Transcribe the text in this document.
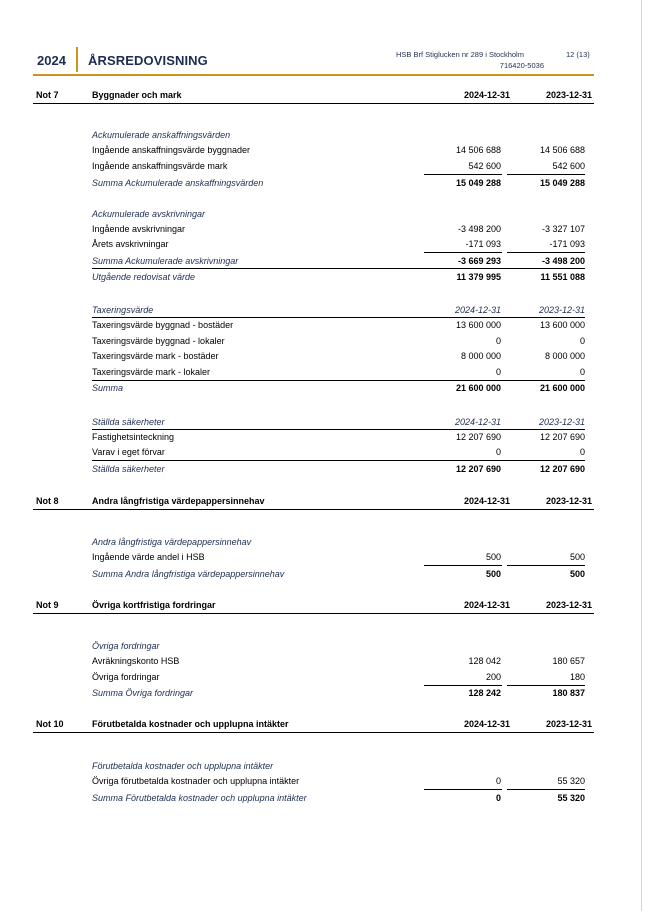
2024 ÅRSREDOVISNING	HSB Brf Stiglucken nr 289 i Stockholm	12 (13)
716420-5036
Not 7	Byggnader och mark	2024-12-31	2023-12-31
Ackumulerade anskaffningsvärden
Ingående anskaffningsvärde byggnader	14 506 688	14 506 688
Ingående anskaffningsvärde mark	542 600	542 600
Summa Ackumulerade anskaffningsvärden	15 049 288	15 049 288
Ackumulerade avskrivningar
Ingående avskrivningar	-3 498 200	-3 327 107
Årets avskrivningar	-171 093	-171 093
Summa Ackumulerade avskrivningar	-3 669 293	-3 498 200
Utgående redovisat värde	11 379 995	11 551 088
Taxeringsvärde	2024-12-31	2023-12-31
Taxeringsvärde byggnad - bostäder	13 600 000	13 600 000
Taxeringsvärde byggnad - lokaler	0	0
Taxeringsvärde mark - bostäder	8 000 000	8 000 000
Taxeringsvärde mark - lokaler	0	0
Summa	21 600 000	21 600 000
Ställda säkerheter	2024-12-31	2023-12-31
Fastighetsinteckning	12 207 690	12 207 690
Varav i eget förvar	0	0
Ställda säkerheter	12 207 690	12 207 690
Not 8	Andra långfristiga värdepappersinnehav	2024-12-31	2023-12-31
Andra långfristiga värdepappersinnehav
Ingående värde andel i HSB	500	500
Summa Andra långfristiga värdepappersinnehav	500	500
Not 9	Övriga kortfristiga fordringar	2024-12-31	2023-12-31
Övriga fordringar
Avräkningskonto HSB	128 042	180 657
Övriga fordringar	200	180
Summa Övriga fordringar	128 242	180 837
Not 10	Förutbetalda kostnader och upplupna intäkter	2024-12-31	2023-12-31
Förutbetalda kostnader och upplupna intäkter
Övriga förutbetalda kostnader och upplupna intäkter	0	55 320
Summa Förutbetalda kostnader och upplupna intäkter	0	55 320
